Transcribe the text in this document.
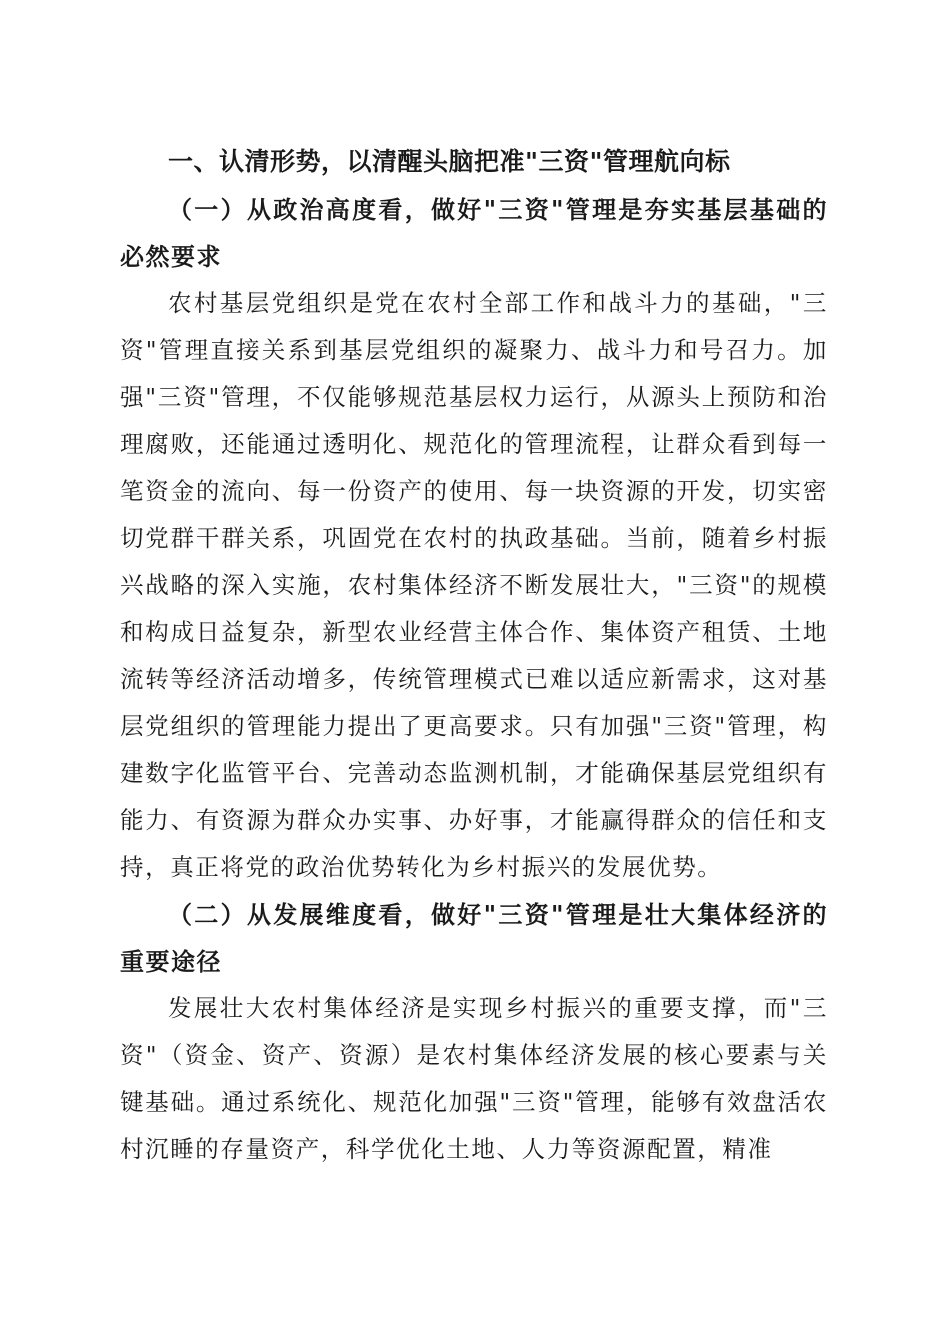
一、认清形势，以清醒头脑把准"三资"管理航向标

（一）从政治高度看，做好"三资"管理是夯实基层基础的必然要求

农村基层党组织是党在农村全部工作和战斗力的基础，"三资"管理直接关系到基层党组织的凝聚力、战斗力和号召力。加强"三资"管理，不仅能够规范基层权力运行，从源头上预防和治理腐败，还能通过透明化、规范化的管理流程，让群众看到每一笔资金的流向、每一份资产的使用、每一块资源的开发，切实密切党群干群关系，巩固党在农村的执政基础。当前，随着乡村振兴战略的深入实施，农村集体经济不断发展壮大，"三资"的规模和构成日益复杂，新型农业经营主体合作、集体资产租赁、土地流转等经济活动增多，传统管理模式已难以适应新需求，这对基层党组织的管理能力提出了更高要求。只有加强"三资"管理，构建数字化监管平台、完善动态监测机制，才能确保基层党组织有能力、有资源为群众办实事、办好事，才能赢得群众的信任和支持，真正将党的政治优势转化为乡村振兴的发展优势。

（二）从发展维度看，做好"三资"管理是壮大集体经济的重要途径

发展壮大农村集体经济是实现乡村振兴的重要支撑，而"三资"（资金、资产、资源）是农村集体经济发展的核心要素与关键基础。通过系统化、规范化加强"三资"管理，能够有效盘活农村沉睡的存量资产，科学优化土地、人力等资源配置，精准
